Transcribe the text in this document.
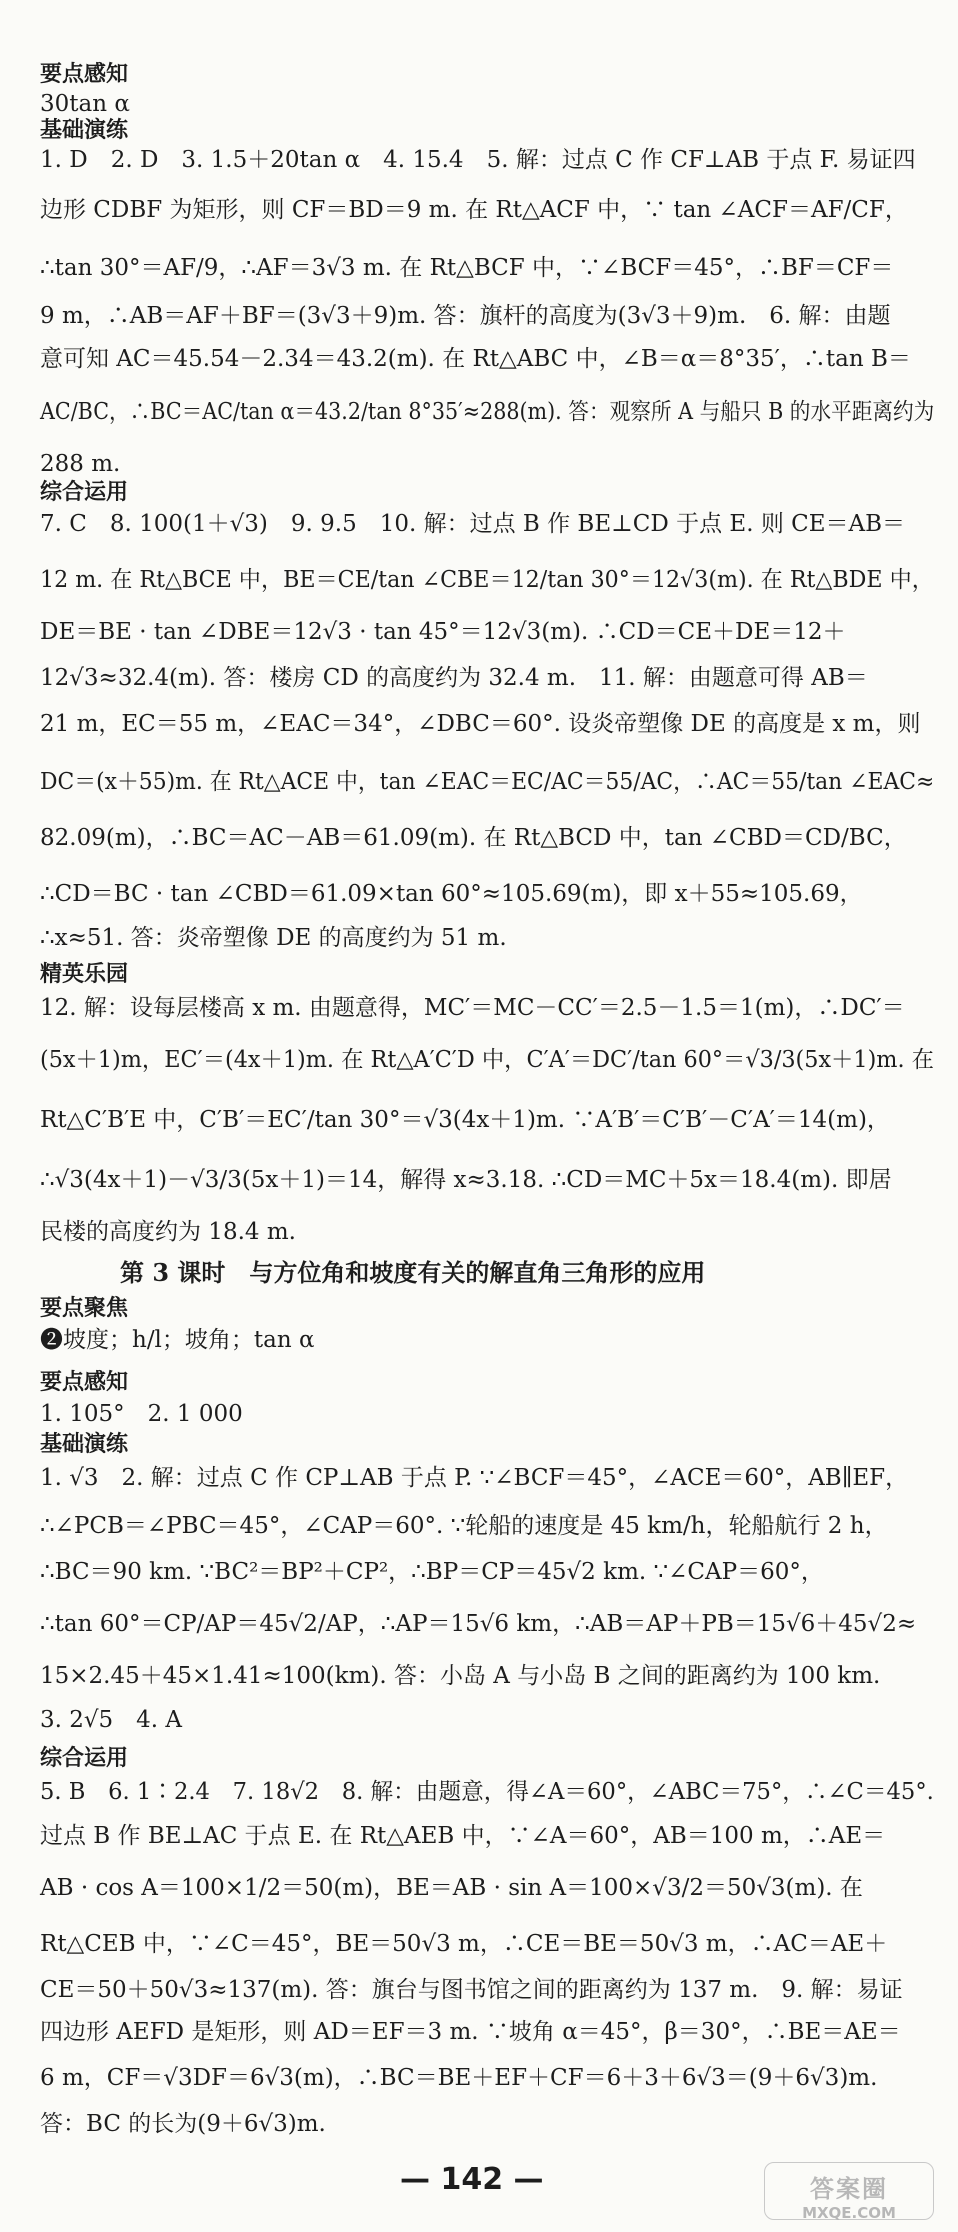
要点感知
30tan α
基础演练
1. D　2. D　3. 1.5＋20tan α　4. 15.4　5. 解：过点 C 作 CF⊥AB 于点 F. 易证四
边形 CDBF 为矩形，则 CF＝BD＝9 m. 在 Rt△ACF 中，∵ tan ∠ACF＝AF/CF，
∴tan 30°＝AF/9，∴AF＝3√3 m. 在 Rt△BCF 中，∵∠BCF＝45°，∴BF＝CF＝
9 m，∴AB＝AF＋BF＝(3√3＋9)m. 答：旗杆的高度为(3√3＋9)m.　6. 解：由题
意可知 AC＝45.54－2.34＝43.2(m). 在 Rt△ABC 中，∠B＝α＝8°35′，∴tan B＝
AC/BC，∴BC＝AC/tan α＝43.2/tan 8°35′≈288(m). 答：观察所 A 与船只 B 的水平距离约为
288 m.
综合运用
7. C　8. 100(1＋√3)　9. 9.5　10. 解：过点 B 作 BE⊥CD 于点 E. 则 CE＝AB＝
12 m. 在 Rt△BCE 中，BE＝CE/tan ∠CBE＝12/tan 30°＝12√3(m). 在 Rt△BDE 中，
DE＝BE · tan ∠DBE＝12√3 · tan 45°＝12√3(m). ∴CD＝CE＋DE＝12＋
12√3≈32.4(m). 答：楼房 CD 的高度约为 32.4 m.　11. 解：由题意可得 AB＝
21 m，EC＝55 m，∠EAC＝34°，∠DBC＝60°. 设炎帝塑像 DE 的高度是 x m，则
DC＝(x＋55)m. 在 Rt△ACE 中，tan ∠EAC＝EC/AC＝55/AC，∴AC＝55/tan ∠EAC≈
82.09(m)，∴BC＝AC－AB＝61.09(m). 在 Rt△BCD 中，tan ∠CBD＝CD/BC，
∴CD＝BC · tan ∠CBD＝61.09×tan 60°≈105.69(m)，即 x＋55≈105.69，
∴x≈51. 答：炎帝塑像 DE 的高度约为 51 m.
精英乐园
12. 解：设每层楼高 x m. 由题意得，MC′＝MC－CC′＝2.5－1.5＝1(m)，∴DC′＝
(5x＋1)m，EC′＝(4x＋1)m. 在 Rt△A′C′D 中，C′A′＝DC′/tan 60°＝√3/3(5x＋1)m. 在
Rt△C′B′E 中，C′B′＝EC′/tan 30°＝√3(4x＋1)m. ∵A′B′＝C′B′－C′A′＝14(m)，
∴√3(4x＋1)－√3/3(5x＋1)＝14，解得 x≈3.18. ∴CD＝MC＋5x＝18.4(m). 即居
民楼的高度约为 18.4 m.
第 3 课时　与方位角和坡度有关的解直角三角形的应用
要点聚焦
❷坡度；h/l；坡角；tan α
要点感知
1. 105°　2. 1 000
基础演练
1. √3　2. 解：过点 C 作 CP⊥AB 于点 P. ∵∠BCF＝45°，∠ACE＝60°，AB∥EF，
∴∠PCB＝∠PBC＝45°，∠CAP＝60°. ∵轮船的速度是 45 km/h，轮船航行 2 h，
∴BC＝90 km. ∵BC²＝BP²＋CP²，∴BP＝CP＝45√2 km. ∵∠CAP＝60°，
∴tan 60°＝CP/AP＝45√2/AP，∴AP＝15√6 km，∴AB＝AP＋PB＝15√6＋45√2≈
15×2.45＋45×1.41≈100(km). 答：小岛 A 与小岛 B 之间的距离约为 100 km.
3. 2√5　4. A
综合运用
5. B　6. 1∶2.4　7. 18√2　8. 解：由题意，得∠A＝60°，∠ABC＝75°，∴∠C＝45°.
过点 B 作 BE⊥AC 于点 E. 在 Rt△AEB 中，∵∠A＝60°，AB＝100 m，∴AE＝
AB · cos A＝100×1/2＝50(m)，BE＝AB · sin A＝100×√3/2＝50√3(m). 在
Rt△CEB 中，∵∠C＝45°，BE＝50√3 m，∴CE＝BE＝50√3 m，∴AC＝AE＋
CE＝50＋50√3≈137(m). 答：旗台与图书馆之间的距离约为 137 m.　9. 解：易证
四边形 AEFD 是矩形，则 AD＝EF＝3 m. ∵坡角 α＝45°，β＝30°，∴BE＝AE＝
6 m，CF＝√3DF＝6√3(m)，∴BC＝BE＋EF＋CF＝6＋3＋6√3＝(9＋6√3)m.
答：BC 的长为(9＋6√3)m.
— 142 —	答案圈
MXQE.COM
